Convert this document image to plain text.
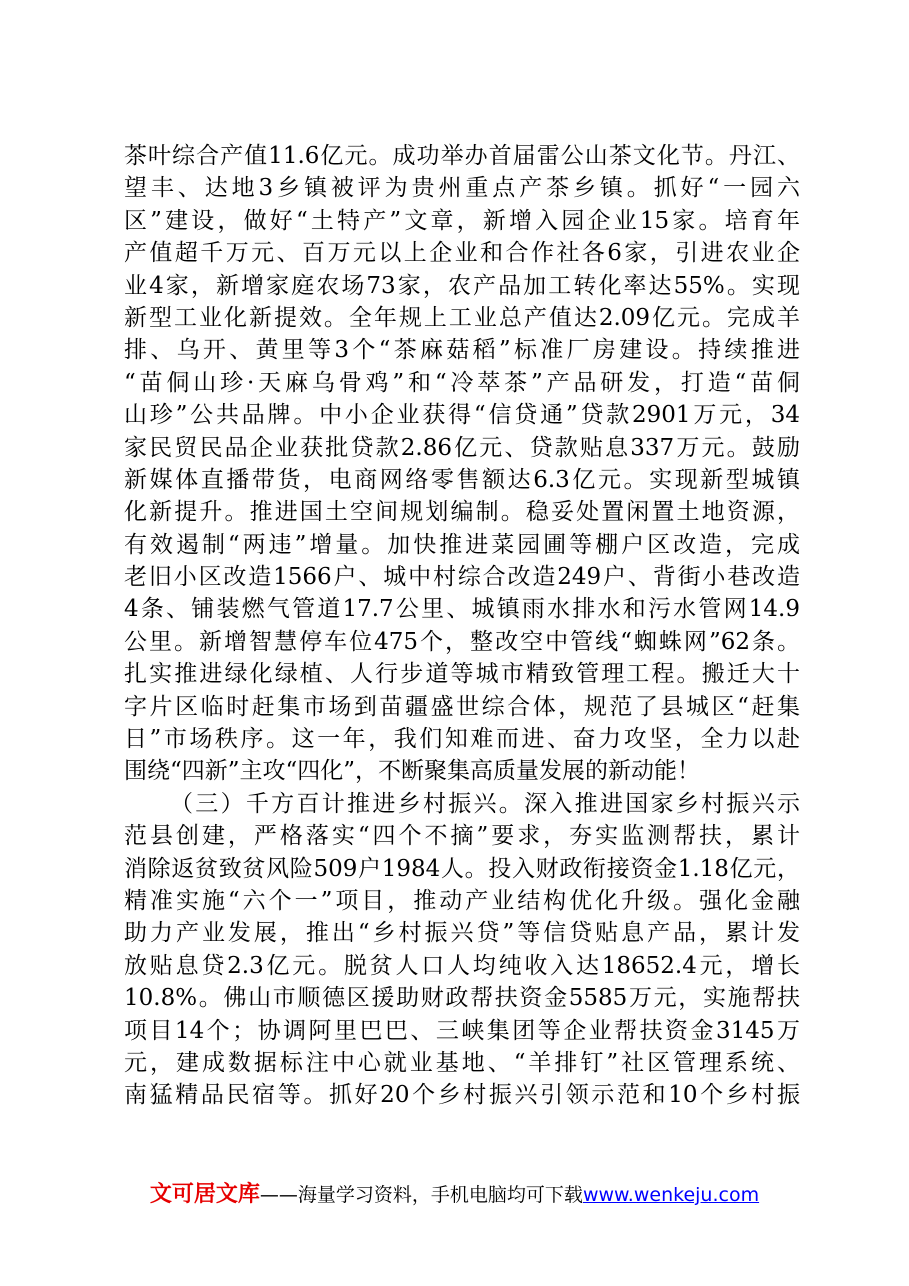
茶叶综合产值11.6亿元。成功举办首届雷公山茶文化节。丹江、
望丰、达地3乡镇被评为贵州重点产茶乡镇。抓好“一园六
区”建设，做好“土特产”文章，新增入园企业15家。培育年
产值超千万元、百万元以上企业和合作社各6家，引进农业企
业4家，新增家庭农场73家，农产品加工转化率达55%。实现
新型工业化新提效。全年规上工业总产值达2.09亿元。完成羊
排、乌开、黄里等3个“茶麻菇稻”标准厂房建设。持续推进
“苗侗山珍·天麻乌骨鸡”和“冷萃茶”产品研发，打造“苗侗
山珍”公共品牌。中小企业获得“信贷通”贷款2901万元，34
家民贸民品企业获批贷款2.86亿元、贷款贴息337万元。鼓励
新媒体直播带货，电商网络零售额达6.3亿元。实现新型城镇
化新提升。推进国土空间规划编制。稳妥处置闲置土地资源，
有效遏制“两违”增量。加快推进菜园圃等棚户区改造，完成
老旧小区改造1566户、城中村综合改造249户、背街小巷改造
4条、铺装燃气管道17.7公里、城镇雨水排水和污水管网14.9
公里。新增智慧停车位475个，整改空中管线“蜘蛛网”62条。
扎实推进绿化绿植、人行步道等城市精致管理工程。搬迁大十
字片区临时赶集市场到苗疆盛世综合体，规范了县城区“赶集
日”市场秩序。这一年，我们知难而进、奋力攻坚，全力以赴
围绕“四新”主攻“四化”，不断聚集高质量发展的新动能！
（三）千方百计推进乡村振兴。深入推进国家乡村振兴示
范县创建，严格落实“四个不摘”要求，夯实监测帮扶，累计
消除返贫致贫风险509户1984人。投入财政衔接资金1.18亿元，
精准实施“六个一”项目，推动产业结构优化升级。强化金融
助力产业发展，推出“乡村振兴贷”等信贷贴息产品，累计发
放贴息贷2.3亿元。脱贫人口人均纯收入达18652.4元，增长
10.8%。佛山市顺德区援助财政帮扶资金5585万元，实施帮扶
项目14个；协调阿里巴巴、三峡集团等企业帮扶资金3145万
元，建成数据标注中心就业基地、“羊排钉”社区管理系统、
南猛精品民宿等。抓好20个乡村振兴引领示范和10个乡村振
文可居文库——海量学习资料，手机电脑均可下载www.wenkeju.com
